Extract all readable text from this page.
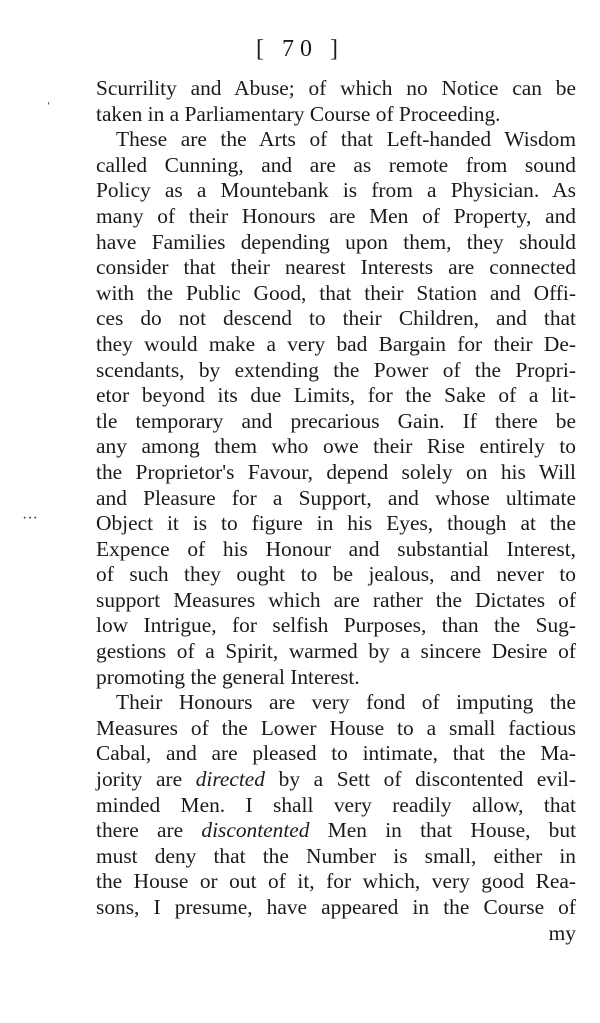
[ 70 ]
ˈ
···
Scurrility and Abuse; of which no Notice can be
taken in a Parliamentary Course of Proceeding.
These are the Arts of that Left-handed Wisdom
called Cunning, and are as remote from sound
Policy as a Mountebank is from a Physician. As
many of their Honours are Men of Property, and
have Families depending upon them, they should
consider that their nearest Interests are connected
with the Public Good, that their Station and Offi-
ces do not descend to their Children, and that
they would make a very bad Bargain for their De-
scendants, by extending the Power of the Propri-
etor beyond its due Limits, for the Sake of a lit-
tle temporary and precarious Gain. If there be
any among them who owe their Rise entirely to
the Proprietor's Favour, depend solely on his Will
and Pleasure for a Support, and whose ultimate
Object it is to figure in his Eyes, though at the
Expence of his Honour and substantial Interest,
of such they ought to be jealous, and never to
support Measures which are rather the Dictates of
low Intrigue, for selfish Purposes, than the Sug-
gestions of a Spirit, warmed by a sincere Desire of
promoting the general Interest.
Their Honours are very fond of imputing the
Measures of the Lower House to a small factious
Cabal, and are pleased to intimate, that the Ma-
jority are directed by a Sett of discontented evil-
minded Men. I shall very readily allow, that
there are discontented Men in that House, but
must deny that the Number is small, either in
the House or out of it, for which, very good Rea-
sons, I presume, have appeared in the Course of
my
